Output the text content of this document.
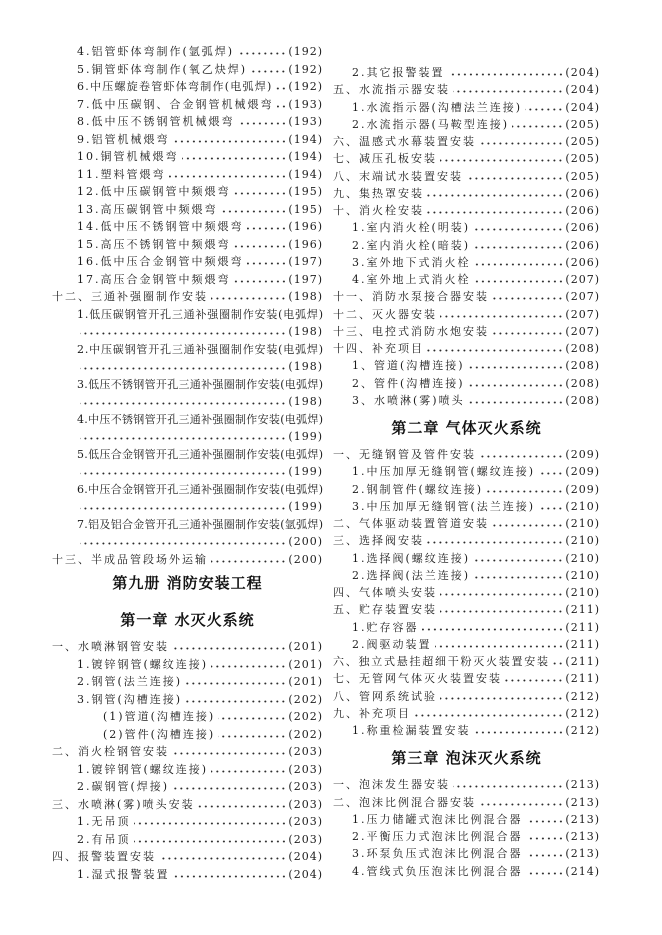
4.铝管虾体弯制作(氩弧焊)	(192)
5.铜管虾体弯制作(氧乙炔焊)	(192)
6.中压螺旋卷管虾体弯制作(电弧焊) (192)
7.低中压碳钢、合金钢管机械煨弯 (193)
8.低中压不锈钢管机械煨弯	(193)
9.铝管机械煨弯	(194)
10.铜管机械煨弯	(194)
11.塑料管煨弯	(194)
12.低中压碳钢管中频煨弯	(195)
13.高压碳钢管中频煨弯	(195)
14.低中压不锈钢管中频煨弯	(196)
15.高压不锈钢管中频煨弯	(196)
16.低中压合金钢管中频煨弯	(197)
17.高压合金钢管中频煨弯	(197)
十二、三通补强圈制作安装	(198)
1.低压碳钢管开孔三通补强圈制作安装(电弧焊)
(198)
2.中压碳钢管开孔三通补强圈制作安装(电弧焊)
(198)
3.低压不锈钢管开孔三通补强圈制作安装(电弧焊)
(198)
4.中压不锈钢管开孔三通补强圈制作安装(电弧焊)
(199)
5.低压合金钢管开孔三通补强圈制作安装(电弧焊)
(199)
6.中压合金钢管开孔三通补强圈制作安装(电弧焊)
(199)
7.铝及铝合金管开孔三通补强圈制作安装(氩弧焊)
(200)
十三、半成品管段场外运输	(200)
第九册 消防安装工程
第一章 水灭火系统
一、水喷淋钢管安装	(201)
1.镀锌钢管(螺纹连接)	(201)
2.钢管(法兰连接)	(201)
3.钢管(沟槽连接)	(202)
(1)管道(沟槽连接)	(202)
(2)管件(沟槽连接)	(202)
二、消火栓钢管安装	(203)
1.镀锌钢管(螺纹连接)	(203)
2.碳钢管(焊接)	(203)
三、水喷淋(雾)喷头安装	(203)
1.无吊顶	(203)
2.有吊顶	(203)
四、报警装置安装	(204)
1.湿式报警装置	(204)
2.其它报警装置	(204)
五、水流指示器安装	(204)
1.水流指示器(沟槽法兰连接)	(204)
2.水流指示器(马鞍型连接)	(205)
六、温感式水幕装置安装	(205)
七、减压孔板安装	(205)
八、末端试水装置安装	(205)
九、集热罩安装	(206)
十、消火栓安装	(206)
1.室内消火栓(明装)	(206)
2.室内消火栓(暗装)	(206)
3.室外地下式消火栓	(206)
4.室外地上式消火栓	(207)
十一、消防水泵接合器安装	(207)
十二、灭火器安装	(207)
十三、电控式消防水炮安装	(207)
十四、补充项目	(208)
1、管道(沟槽连接)	(208)
2、管件(沟槽连接)	(208)
3、水喷淋(雾)喷头	(208)
第二章 气体灭火系统
一、无缝钢管及管件安装	(209)
1.中压加厚无缝钢管(螺纹连接)	(209)
2.钢制管件(螺纹连接)	(209)
3.中压加厚无缝钢管(法兰连接)	(210)
二、气体驱动装置管道安装	(210)
三、选择阀安装	(210)
1.选择阀(螺纹连接)	(210)
2.选择阀(法兰连接)	(210)
四、气体喷头安装	(210)
五、贮存装置安装	(211)
1.贮存容器	(211)
2.阀驱动装置	(211)
六、独立式悬挂超细干粉灭火装置安装 (211)
七、无管网气体灭火装置安装	(211)
八、管网系统试验	(212)
九、补充项目	(212)
1.称重检漏装置安装	(212)
第三章 泡沫灭火系统
一、泡沫发生器安装	(213)
二、泡沫比例混合器安装	(213)
1.压力储罐式泡沫比例混合器	(213)
2.平衡压力式泡沫比例混合器	(213)
3.环泵负压式泡沫比例混合器	(213)
4.管线式负压泡沫比例混合器	(214)
